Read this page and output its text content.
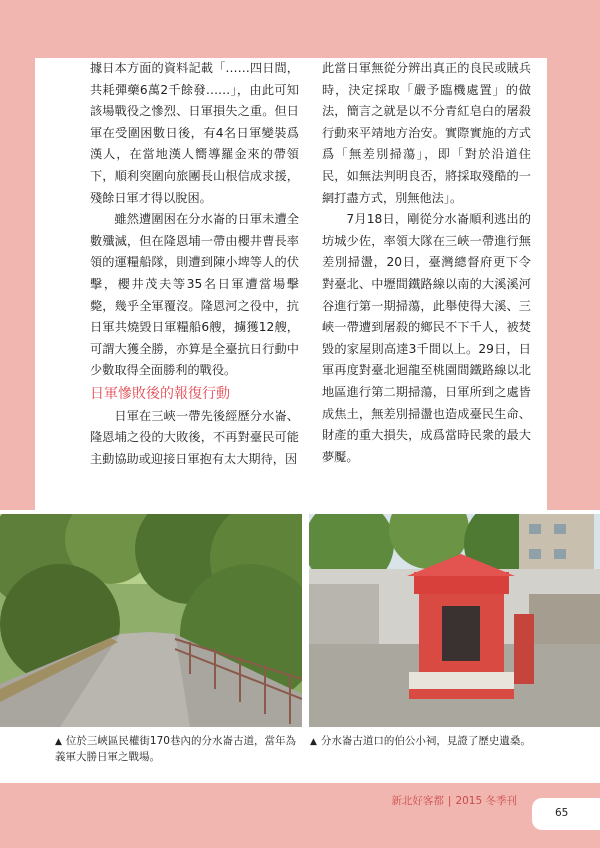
據日本方面的資料記載「……四日間，共耗彈藥6萬2千餘發……」，由此可知該場戰役之慘烈、日軍損失之重。但日軍在受圍困數日後，有4名日軍變裝爲漢人，在當地漢人嚮導羅金來的帶領下，順利突圍向旅團長山根信成求援，殘餘日軍才得以脫困。

雖然遭圍困在分水崙的日軍未遭全數殲滅，但在隆恩埔一帶由櫻井曹長率領的運糧船隊，則遭到陳小埤等人的伏擊，櫻井茂夫等35名日軍遭當場擊斃，幾乎全軍覆沒。隆恩河之役中，抗日軍共燒毀日軍糧船6艘，擄獲12艘，可謂大獲全勝，亦算是全臺抗日行動中少數取得全面勝利的戰役。

日軍慘敗後的報復行動

日軍在三峽一帶先後經歷分水崙、隆恩埔之役的大敗後，不再對臺民可能主動協助或迎接日軍抱有太大期待，因

此當日軍無從分辨出真正的良民或賊兵時，決定採取「嚴予臨機處置」的做法，簡言之就是以不分青紅皂白的屠殺行動來平靖地方治安。實際實施的方式爲「無差別掃蕩」，即「對於沿道住民，如無法判明良否，將採取殘酷的一網打盡方式，別無他法」。

7月18日，剛從分水崙順利逃出的坊城少佐，率領大隊在三峽一帶進行無差別掃盪，20日，臺灣總督府更下令對臺北、中壢間鐵路線以南的大溪溪河谷進行第一期掃蕩，此舉使得大溪、三峽一帶遭到屠殺的鄉民不下千人，被焚毀的家屋則高達3千間以上。29日，日軍再度對臺北迴龍至桃園間鐵路線以北地區進行第二期掃蕩，日軍所到之處皆成焦土，無差別掃盪也造成臺民生命、財產的重大損失，成爲當時民衆的最大夢魘。

▲ 位於三峽區民權街170巷內的分水崙古道，當年為義軍大勝日軍之戰場。
▲ 分水崙古道口的伯公小祠，見證了歷史遺桑。
新北好客都 | 2015 冬季刊
65
